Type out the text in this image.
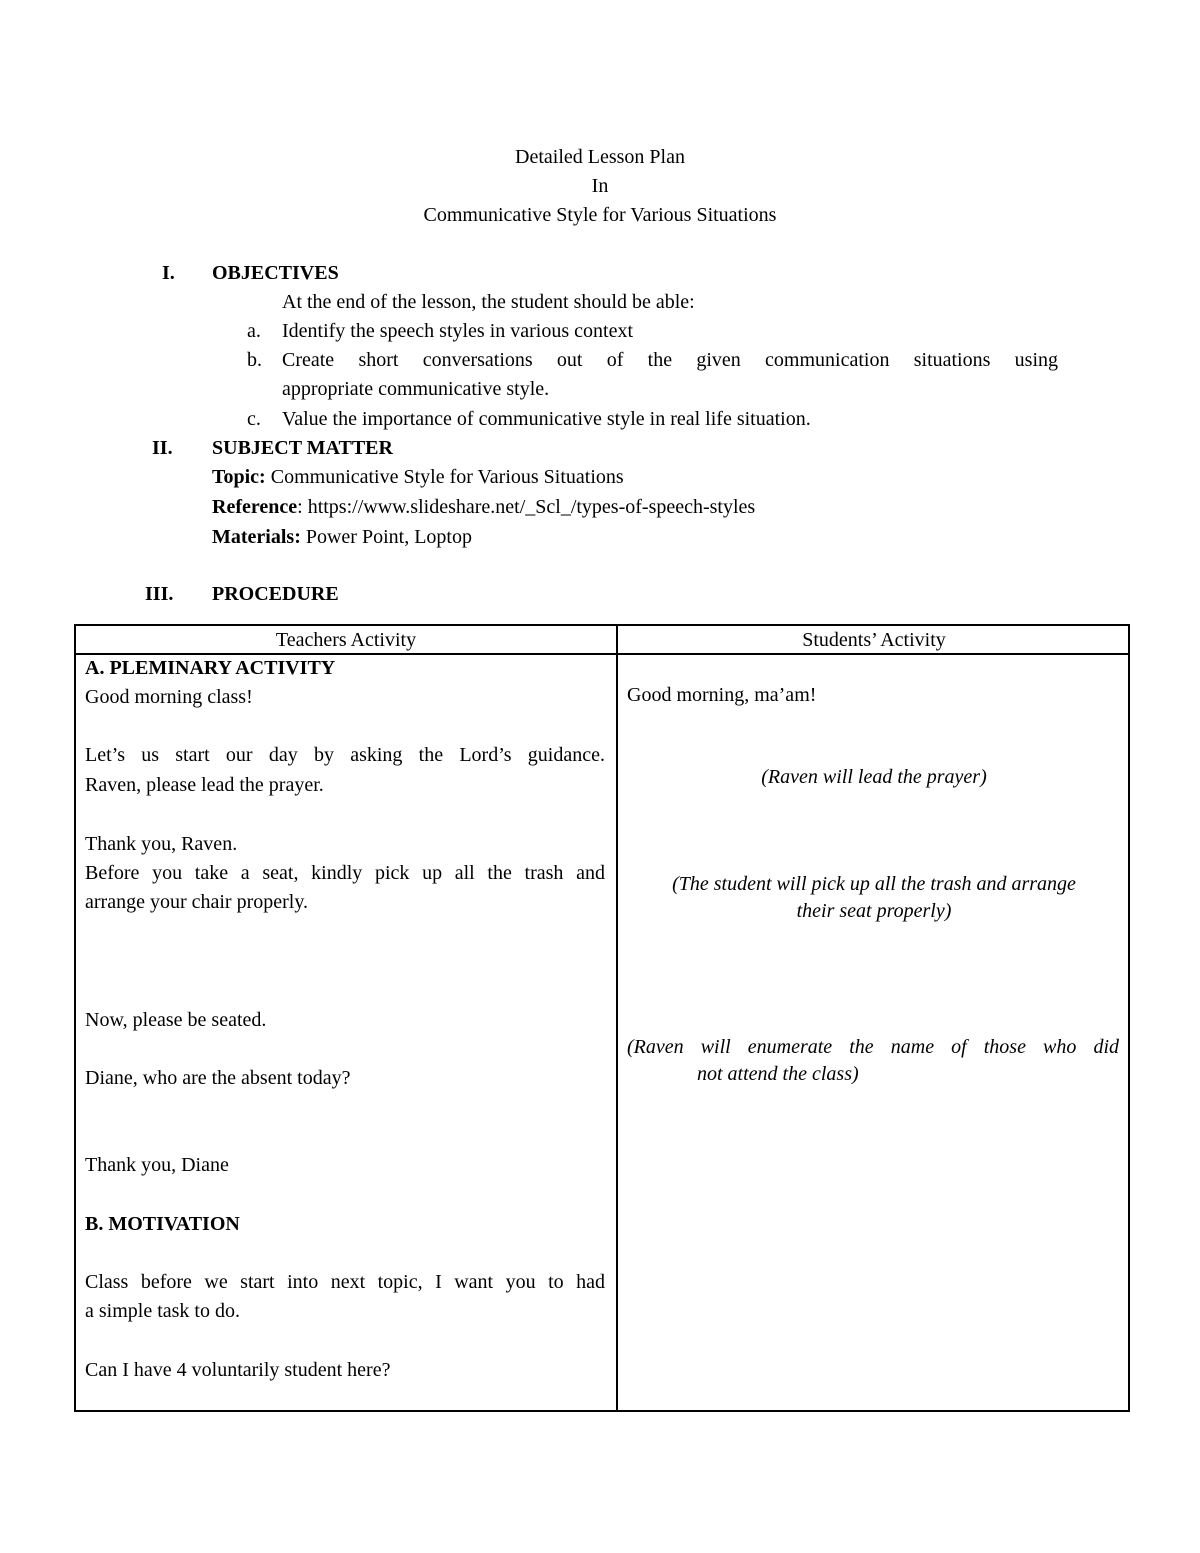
Detailed Lesson Plan
In
Communicative Style for Various Situations
I. OBJECTIVES
At the end of the lesson, the student should be able:
a. Identify the speech styles in various context
b. Create short conversations out of the given communication situations using
appropriate communicative style.
c. Value the importance of communicative style in real life situation.
II. SUBJECT MATTER
Topic: Communicative Style for Various Situations
Reference: https://www.slideshare.net/_Scl_/types-of-speech-styles
Materials: Power Point, Loptop
III. PROCEDURE
Teachers Activity	Students’ Activity
A. PLEMINARY ACTIVITY
Good morning class!
Let’s us start our day by asking the Lord’s guidance.
Raven, please lead the prayer.
Thank you, Raven.
Before you take a seat, kindly pick up all the trash and
arrange your chair properly.
Now, please be seated.
Diane, who are the absent today?
Thank you, Diane
B. MOTIVATION
Class before we start into next topic, I want you to had
a simple task to do.
Can I have 4 voluntarily student here?
Good morning, ma’am!
(Raven will lead the prayer)
(The student will pick up all the trash and arrange
their seat properly)
(Raven will enumerate the name of those who did
not attend the class)
